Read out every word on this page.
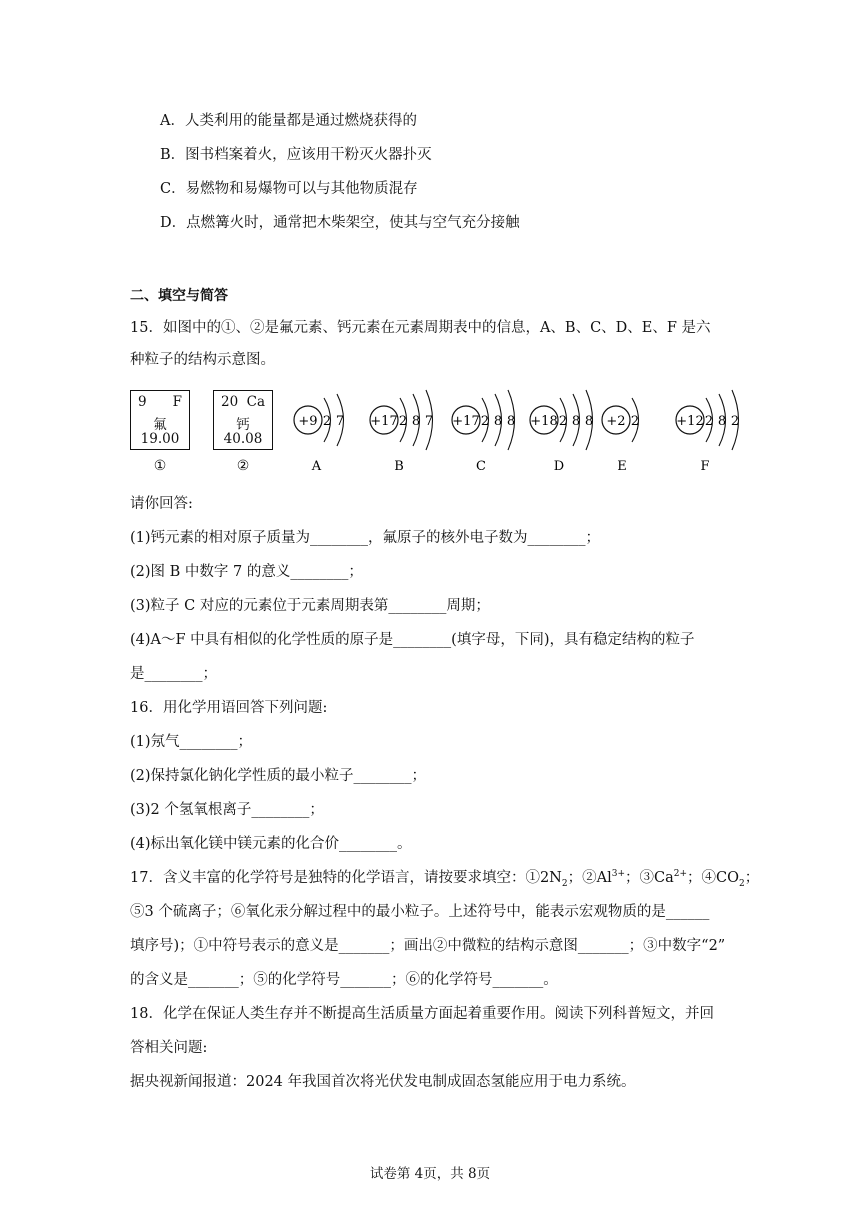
A．人类利用的能量都是通过燃烧获得的
B．图书档案着火，应该用干粉灭火器扑灭
C．易燃物和易爆物可以与其他物质混存
D．点燃篝火时，通常把木柴架空，使其与空气充分接触
二、填空与简答
15．如图中的①、②是氟元素、钙元素在元素周期表中的信息，A、B、C、D、E、F 是六
种粒子的结构示意图。
9 F
氟
19.00
①
20 Ca
钙
40.08
②
+9 2 7
A
+17 2 8 7
B
+17 2 8 8
C
+18 2 8 8
D
+2 2
E
+12 2 8 2
F
请你回答:
(1)钙元素的相对原子质量为________，氟原子的核外电子数为________；
(2)图 B 中数字 7 的意义________；
(3)粒子 C 对应的元素位于元素周期表第________周期；
(4)A～F 中具有相似的化学性质的原子是________(填字母，下同)，具有稳定结构的粒子
是________；
16．用化学用语回答下列问题:
(1)氖气________；
(2)保持氯化钠化学性质的最小粒子________；
(3)2 个氢氧根离子________；
(4)标出氧化镁中镁元素的化合价________。
17．含义丰富的化学符号是独特的化学语言，请按要求填空：$①2N_2$；$②Al^{3+}$；$③Ca^{2+}$；$④CO_2$；
⑤3 个硫离子；⑥氧化汞分解过程中的最小粒子。上述符号中，能表示宏观物质的是______
填序号)；①中符号表示的意义是_______；画出②中微粒的结构示意图_______；③中数字“2”
的含义是_______；⑤的化学符号_______；⑥的化学符号_______。
18．化学在保证人类生存并不断提高生活质量方面起着重要作用。阅读下列科普短文，并回
答相关问题:
据央视新闻报道：2024 年我国首次将光伏发电制成固态氢能应用于电力系统。
试卷第 4页，共 8页
